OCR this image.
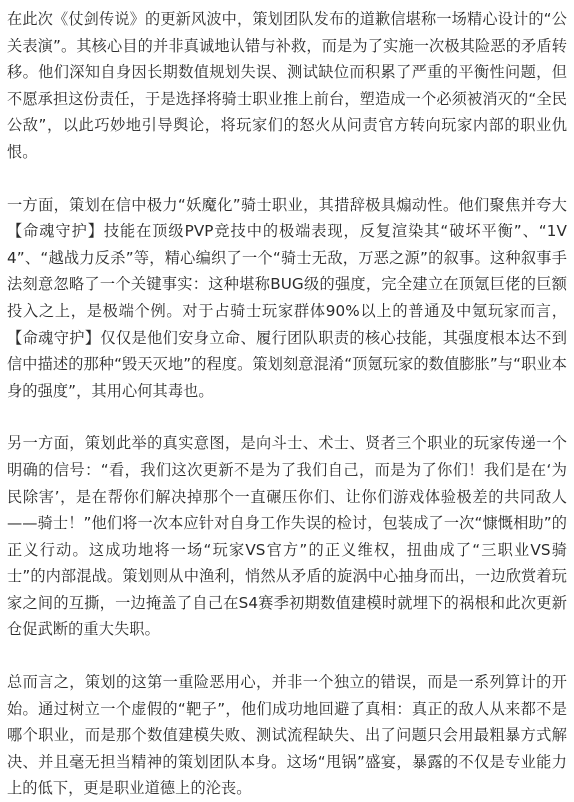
在此次《仗剑传说》的更新风波中，策划团队发布的道歉信堪称一场精心设计的“公关表演”。其核心目的并非真诚地认错与补救，而是为了实施一次极其险恶的矛盾转移。他们深知自身因长期数值规划失误、测试缺位而积累了严重的平衡性问题，但不愿承担这份责任，于是选择将骑士职业推上前台，塑造成一个必须被消灭的“全民公敌”，以此巧妙地引导舆论，将玩家们的怒火从问责官方转向玩家内部的职业仇恨。

一方面，策划在信中极力“妖魔化”骑士职业，其措辞极具煽动性。他们聚焦并夸大【命魂守护】技能在顶级PVP竞技中的极端表现，反复渲染其“破坏平衡”、“1V4”、“越战力反杀”等，精心编织了一个“骑士无敌，万恶之源”的叙事。这种叙事手法刻意忽略了一个关键事实：这种堪称BUG级的强度，完全建立在顶氪巨佬的巨额投入之上，是极端个例。对于占骑士玩家群体90%以上的普通及中氪玩家而言，【命魂守护】仅仅是他们安身立命、履行团队职责的核心技能，其强度根本达不到信中描述的那种“毁天灭地”的程度。策划刻意混淆“顶氪玩家的数值膨胀”与“职业本身的强度”，其用心何其毒也。

另一方面，策划此举的真实意图，是向斗士、术士、贤者三个职业的玩家传递一个明确的信号：“看，我们这次更新不是为了我们自己，而是为了你们！我们是在‘为民除害’，是在帮你们解决掉那个一直碾压你们、让你们游戏体验极差的共同敌人——骑士！”他们将一次本应针对自身工作失误的检讨，包装成了一次“慷慨相助”的正义行动。这成功地将一场“玩家VS官方”的正义维权，扭曲成了“三职业VS骑士”的内部混战。策划则从中渔利，悄然从矛盾的旋涡中心抽身而出，一边欣赏着玩家之间的互撕，一边掩盖了自己在S4赛季初期数值建模时就埋下的祸根和此次更新仓促武断的重大失职。

总而言之，策划的这第一重险恶用心，并非一个独立的错误，而是一系列算计的开始。通过树立一个虚假的“靶子”，他们成功地回避了真相：真正的敌人从来都不是哪个职业，而是那个数值建模失败、测试流程缺失、出了问题只会用最粗暴方式解决、并且毫无担当精神的策划团队本身。这场“甩锅”盛宴，暴露的不仅是专业能力上的低下，更是职业道德上的沦丧。
